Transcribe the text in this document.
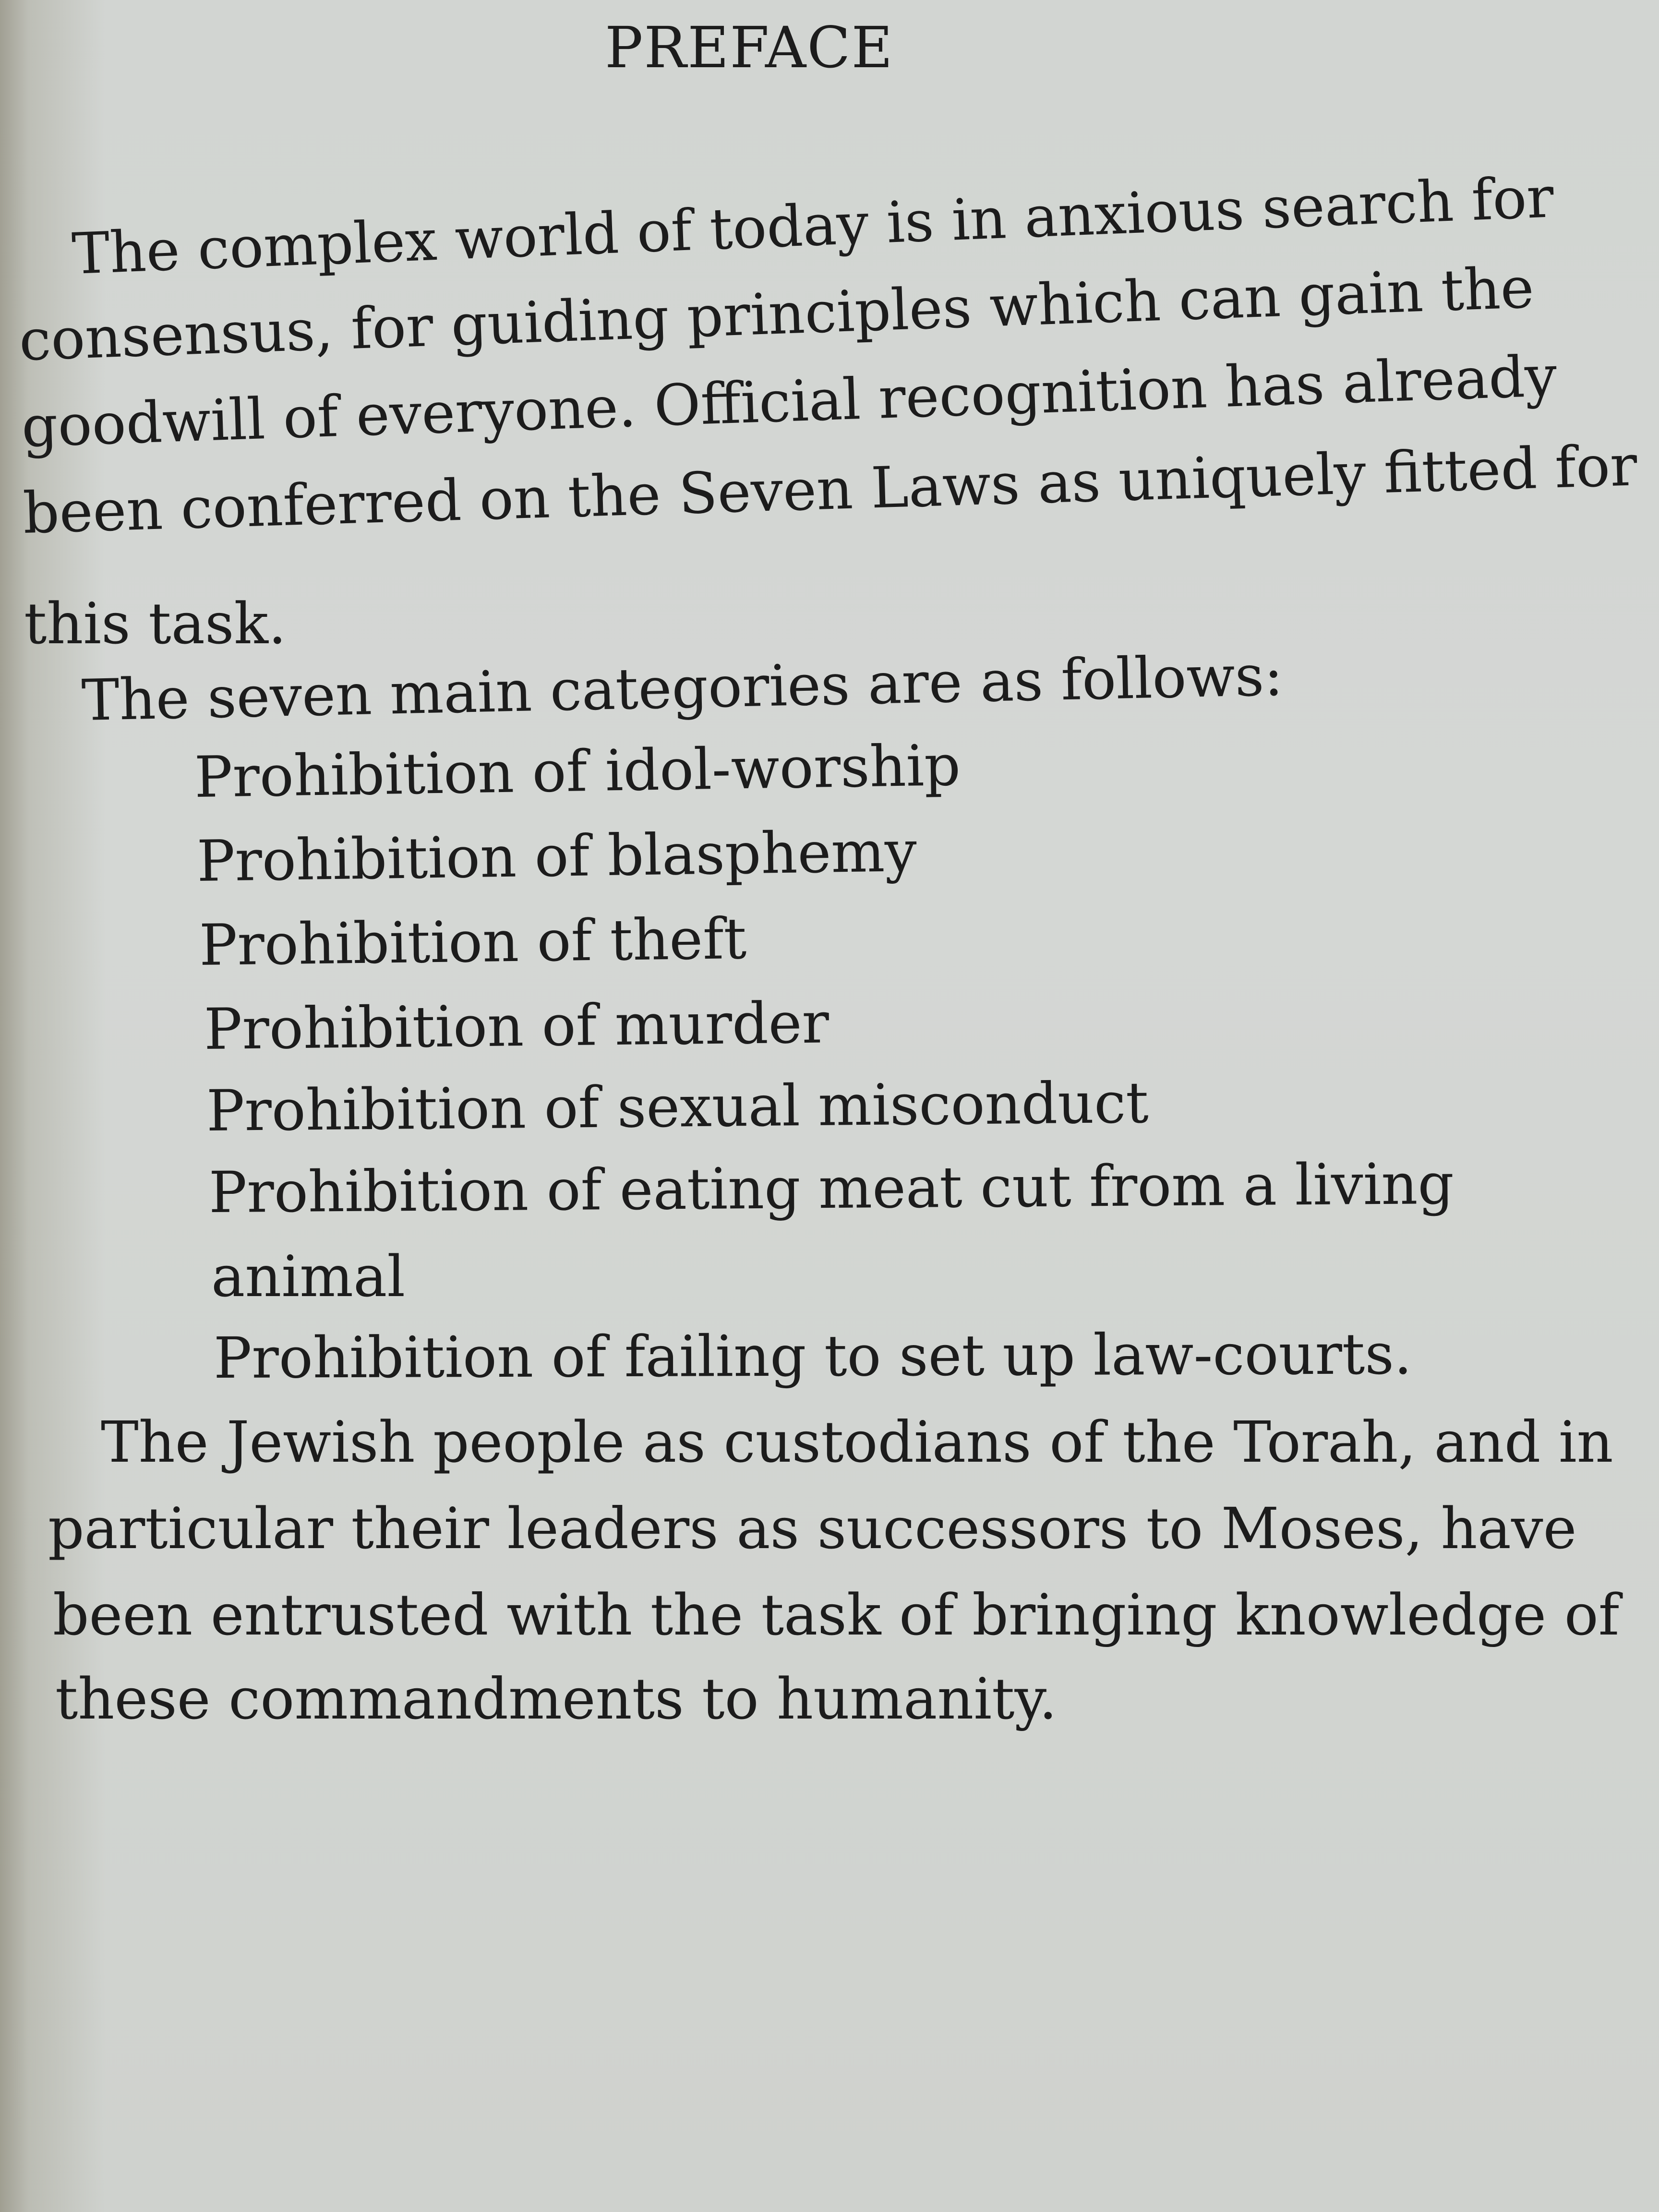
PREFACE
The complex world of today is in anxious search for
consensus, for guiding principles which can gain the
goodwill of everyone. Official recognition has already
been conferred on the Seven Laws as uniquely fitted for
this task.
The seven main categories are as follows:
Prohibition of idol-worship
Prohibition of blasphemy
Prohibition of theft
Prohibition of murder
Prohibition of sexual misconduct
Prohibition of eating meat cut from a living
animal
Prohibition of failing to set up law-courts.
The Jewish people as custodians of the Torah, and in
particular their leaders as successors to Moses, have
been entrusted with the task of bringing knowledge of
these commandments to humanity.
